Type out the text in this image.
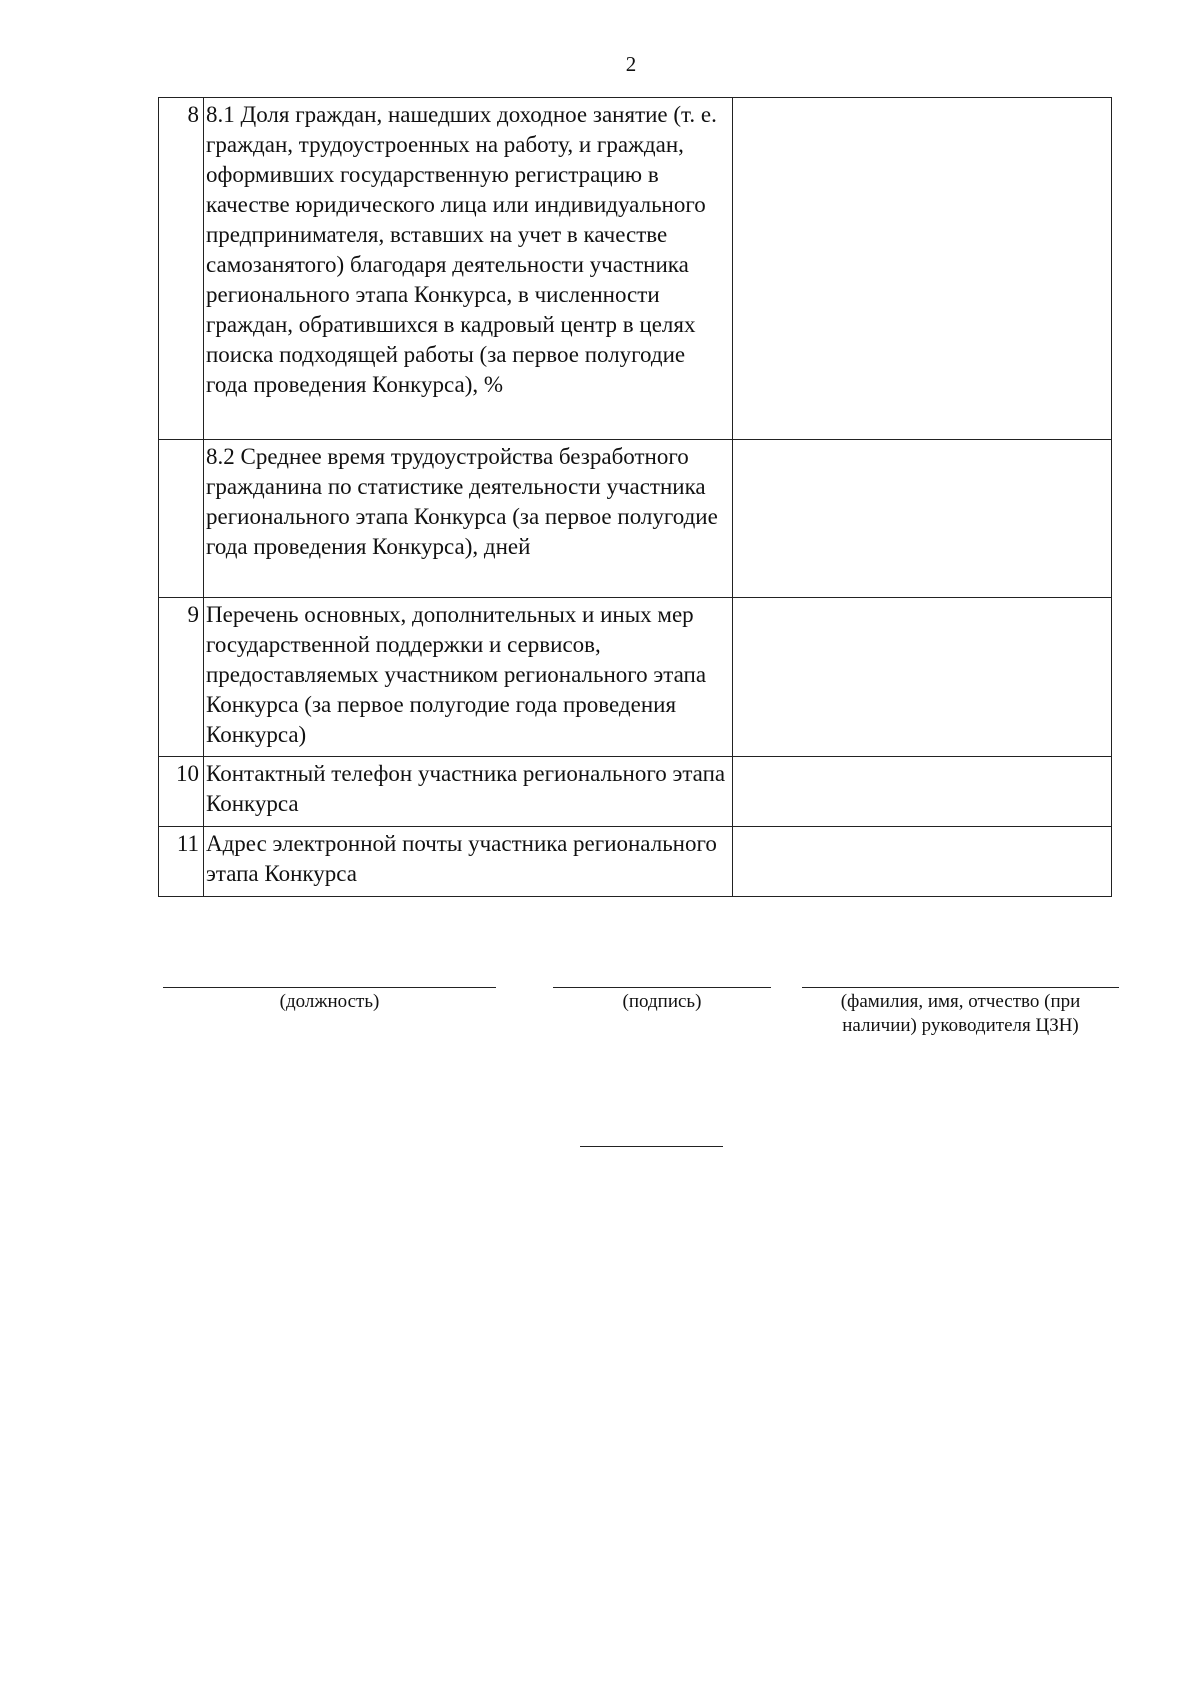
2
8	8.1 Доля граждан, нашедших доходное занятие (т. е. граждан, трудоустроенных на работу, и граждан, оформивших государственную регистрацию в качестве юридического лица или индивидуального предпринимателя, вставших на учет в качестве самозанятого) благодаря деятельности участника регионального этапа Конкурса, в численности граждан, обратившихся в кадровый центр в целях поиска подходящей работы (за первое полугодие года проведения Конкурса), %	
	8.2 Среднее время трудоустройства безработного гражданина по статистике деятельности участника регионального этапа Конкурса (за первое полугодие года проведения Конкурса), дней	
9	Перечень основных, дополнительных и иных мер государственной поддержки и сервисов, предоставляемых участником регионального этапа Конкурса (за первое полугодие года проведения Конкурса)	
10	Контактный телефон участника регионального этапа Конкурса	
11	Адрес электронной почты участника регионального этапа Конкурса	
(должность)	(подпись)	(фамилия, имя, отчество (при наличии) руководителя ЦЗН)
